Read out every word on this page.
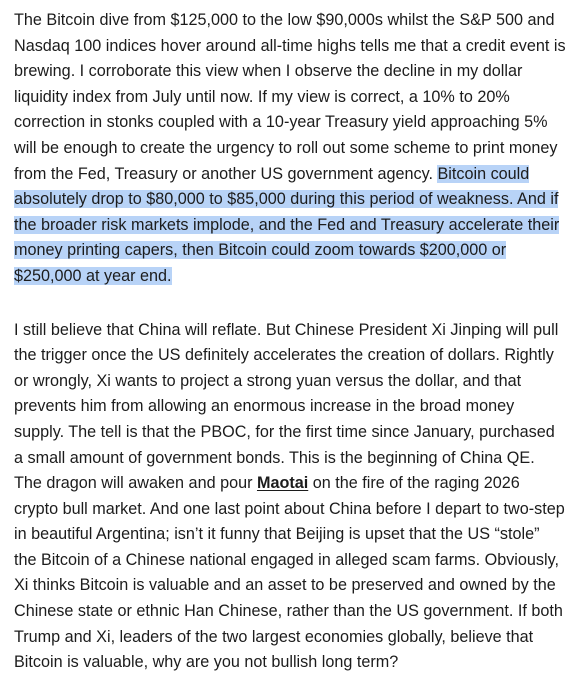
The Bitcoin dive from $125,000 to the low $90,000s whilst the S&P 500 and Nasdaq 100 indices hover around all-time highs tells me that a credit event is brewing. I corroborate this view when I observe the decline in my dollar liquidity index from July until now. If my view is correct, a 10% to 20% correction in stonks coupled with a 10-year Treasury yield approaching 5% will be enough to create the urgency to roll out some scheme to print money from the Fed, Treasury or another US government agency. Bitcoin could absolutely drop to $80,000 to $85,000 during this period of weakness. And if the broader risk markets implode, and the Fed and Treasury accelerate their money printing capers, then Bitcoin could zoom towards $200,000 or $250,000 at year end.

I still believe that China will reflate. But Chinese President Xi Jinping will pull the trigger once the US definitely accelerates the creation of dollars. Rightly or wrongly, Xi wants to project a strong yuan versus the dollar, and that prevents him from allowing an enormous increase in the broad money supply. The tell is that the PBOC, for the first time since January, purchased a small amount of government bonds. This is the beginning of China QE. The dragon will awaken and pour Maotai on the fire of the raging 2026 crypto bull market. And one last point about China before I depart to two-step in beautiful Argentina; isn’t it funny that Beijing is upset that the US “stole” the Bitcoin of a Chinese national engaged in alleged scam farms. Obviously, Xi thinks Bitcoin is valuable and an asset to be preserved and owned by the Chinese state or ethnic Han Chinese, rather than the US government. If both Trump and Xi, leaders of the two largest economies globally, believe that Bitcoin is valuable, why are you not bullish long term?
